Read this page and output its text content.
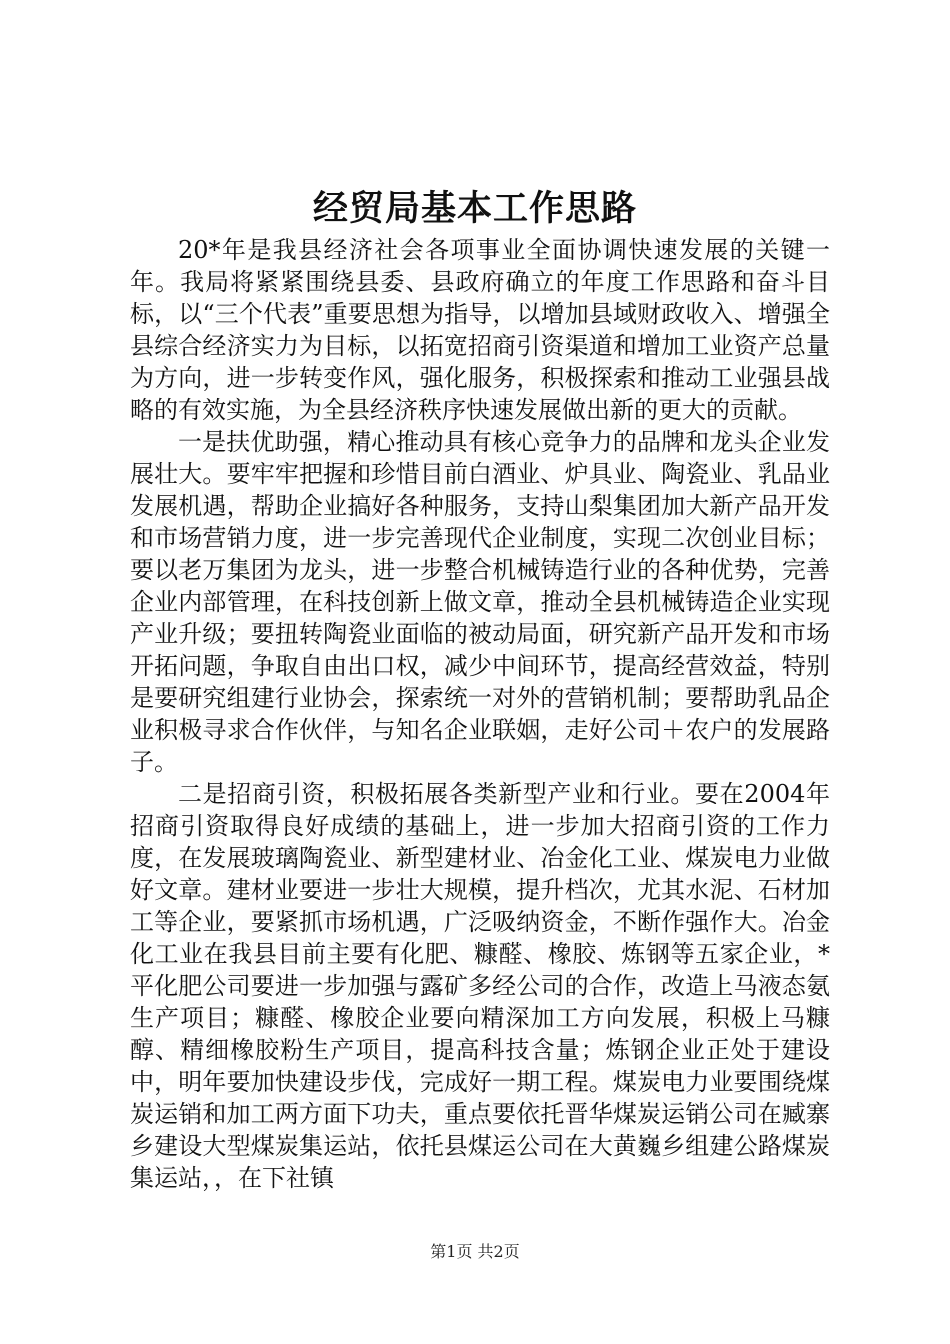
经贸局基本工作思路

20*年是我县经济社会各项事业全面协调快速发展的关键一年。我局将紧紧围绕县委、县政府确立的年度工作思路和奋斗目标，以“三个代表”重要思想为指导，以增加县域财政收入、增强全县综合经济实力为目标，以拓宽招商引资渠道和增加工业资产总量为方向，进一步转变作风，强化服务，积极探索和推动工业强县战略的有效实施，为全县经济秩序快速发展做出新的更大的贡献。

一是扶优助强，精心推动具有核心竞争力的品牌和龙头企业发展壮大。要牢牢把握和珍惜目前白酒业、炉具业、陶瓷业、乳品业发展机遇，帮助企业搞好各种服务，支持山梨集团加大新产品开发和市场营销力度，进一步完善现代企业制度，实现二次创业目标；要以老万集团为龙头，进一步整合机械铸造行业的各种优势，完善企业内部管理，在科技创新上做文章，推动全县机械铸造企业实现产业升级；要扭转陶瓷业面临的被动局面，研究新产品开发和市场开拓问题，争取自由出口权，减少中间环节，提高经营效益，特别是要研究组建行业协会，探索统一对外的营销机制；要帮助乳品企业积极寻求合作伙伴，与知名企业联姻，走好公司＋农户的发展路子。

二是招商引资，积极拓展各类新型产业和行业。要在2004年招商引资取得良好成绩的基础上，进一步加大招商引资的工作力度，在发展玻璃陶瓷业、新型建材业、冶金化工业、煤炭电力业做好文章。建材业要进一步壮大规模，提升档次，尤其水泥、石材加工等企业，要紧抓市场机遇，广泛吸纳资金，不断作强作大。冶金化工业在我县目前主要有化肥、糠醛、橡胶、炼钢等五家企业，*平化肥公司要进一步加强与露矿多经公司的合作，改造上马液态氨生产项目；糠醛、橡胶企业要向精深加工方向发展，积极上马糠醇、精细橡胶粉生产项目，提高科技含量；炼钢企业正处于建设中，明年要加快建设步伐，完成好一期工程。煤炭电力业要围绕煤炭运销和加工两方面下功夫，重点要依托晋华煤炭运销公司在臧寨乡建设大型煤炭集运站，依托县煤运公司在大黄巍乡组建公路煤炭集运站，，在下社镇

第1页 共2页
